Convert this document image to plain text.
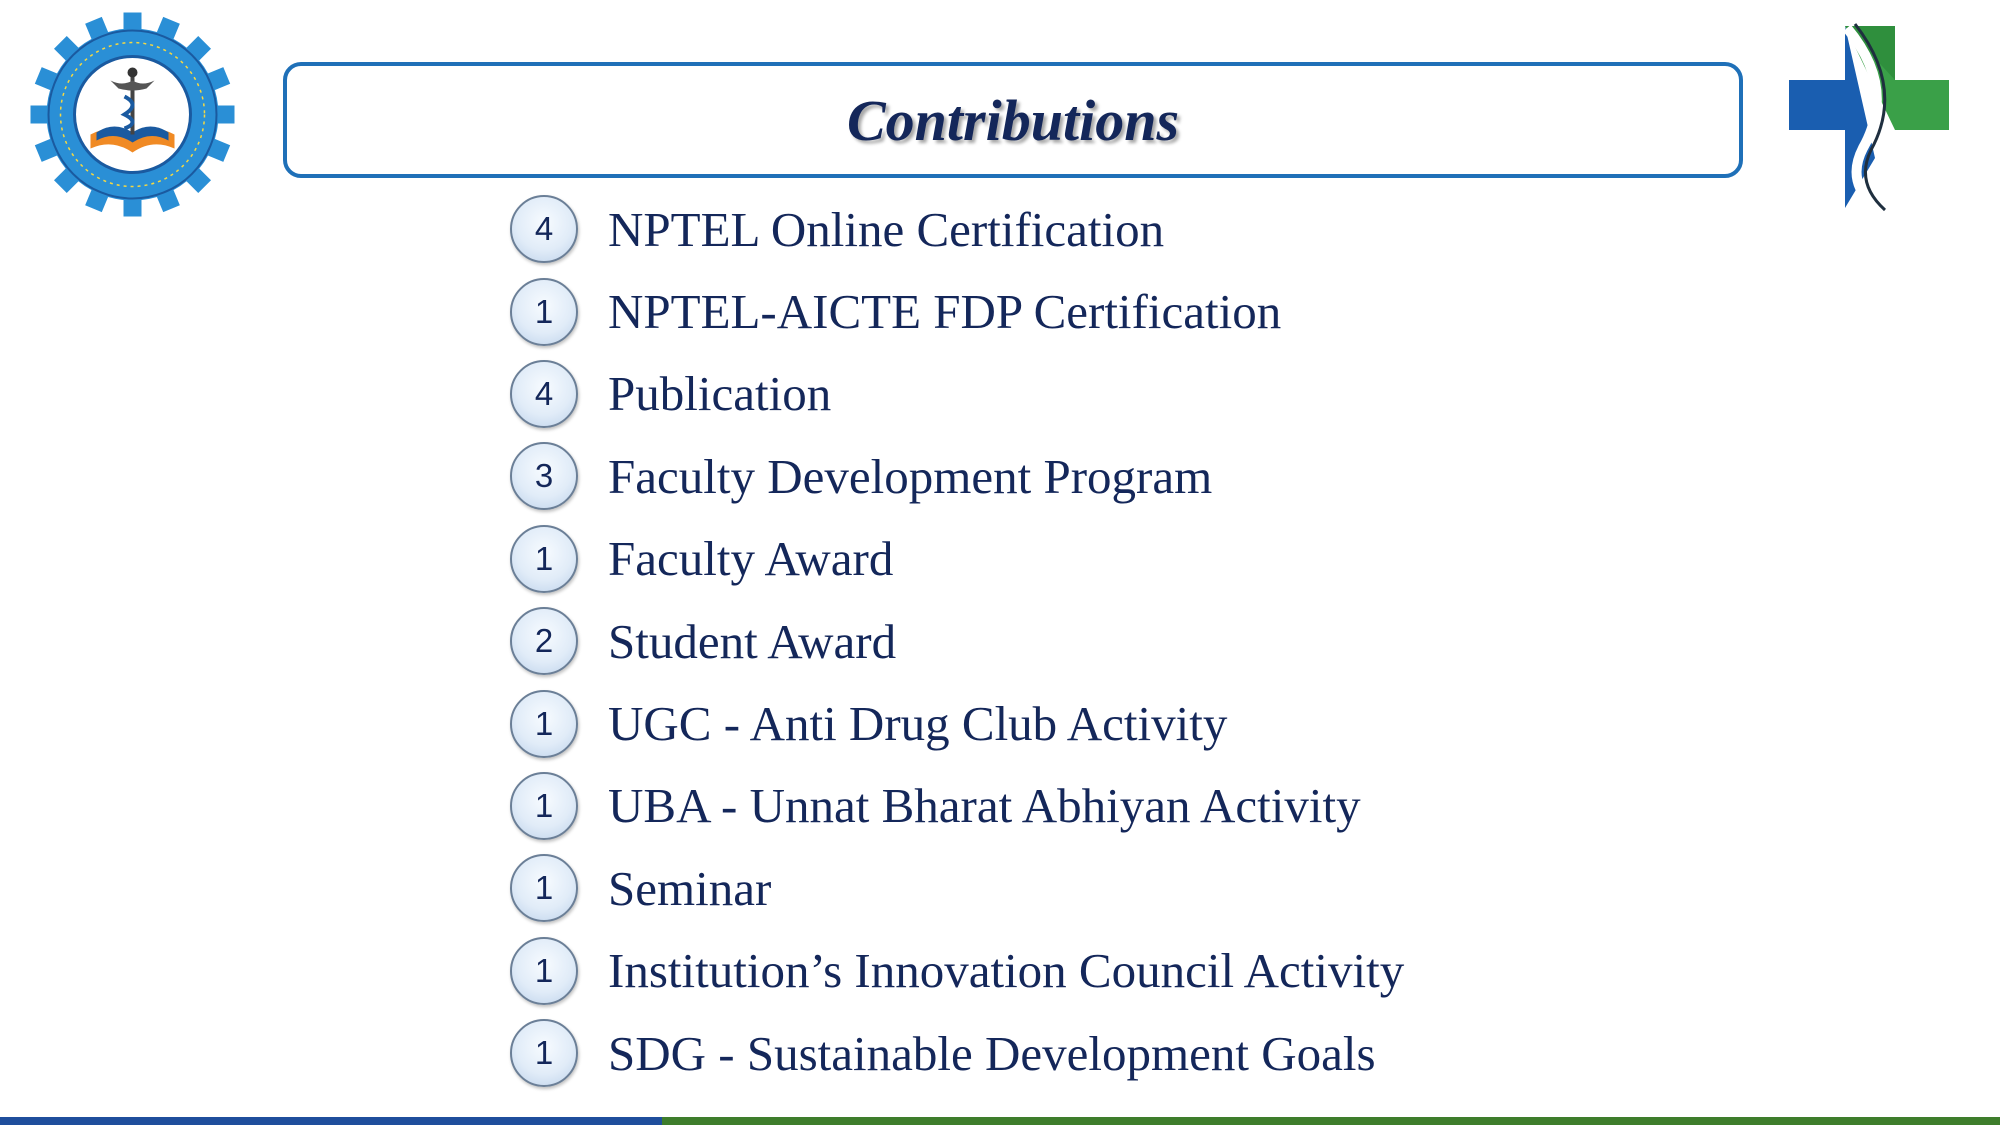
Contributions
4	NPTEL Online Certification
1	NPTEL-AICTE FDP Certification
4	Publication
3	Faculty Development Program
1	Faculty Award
2	Student Award
1	UGC - Anti Drug Club Activity
1	UBA - Unnat Bharat Abhiyan Activity
1	Seminar
1	Institution’s Innovation Council Activity
1	SDG - Sustainable Development Goals
